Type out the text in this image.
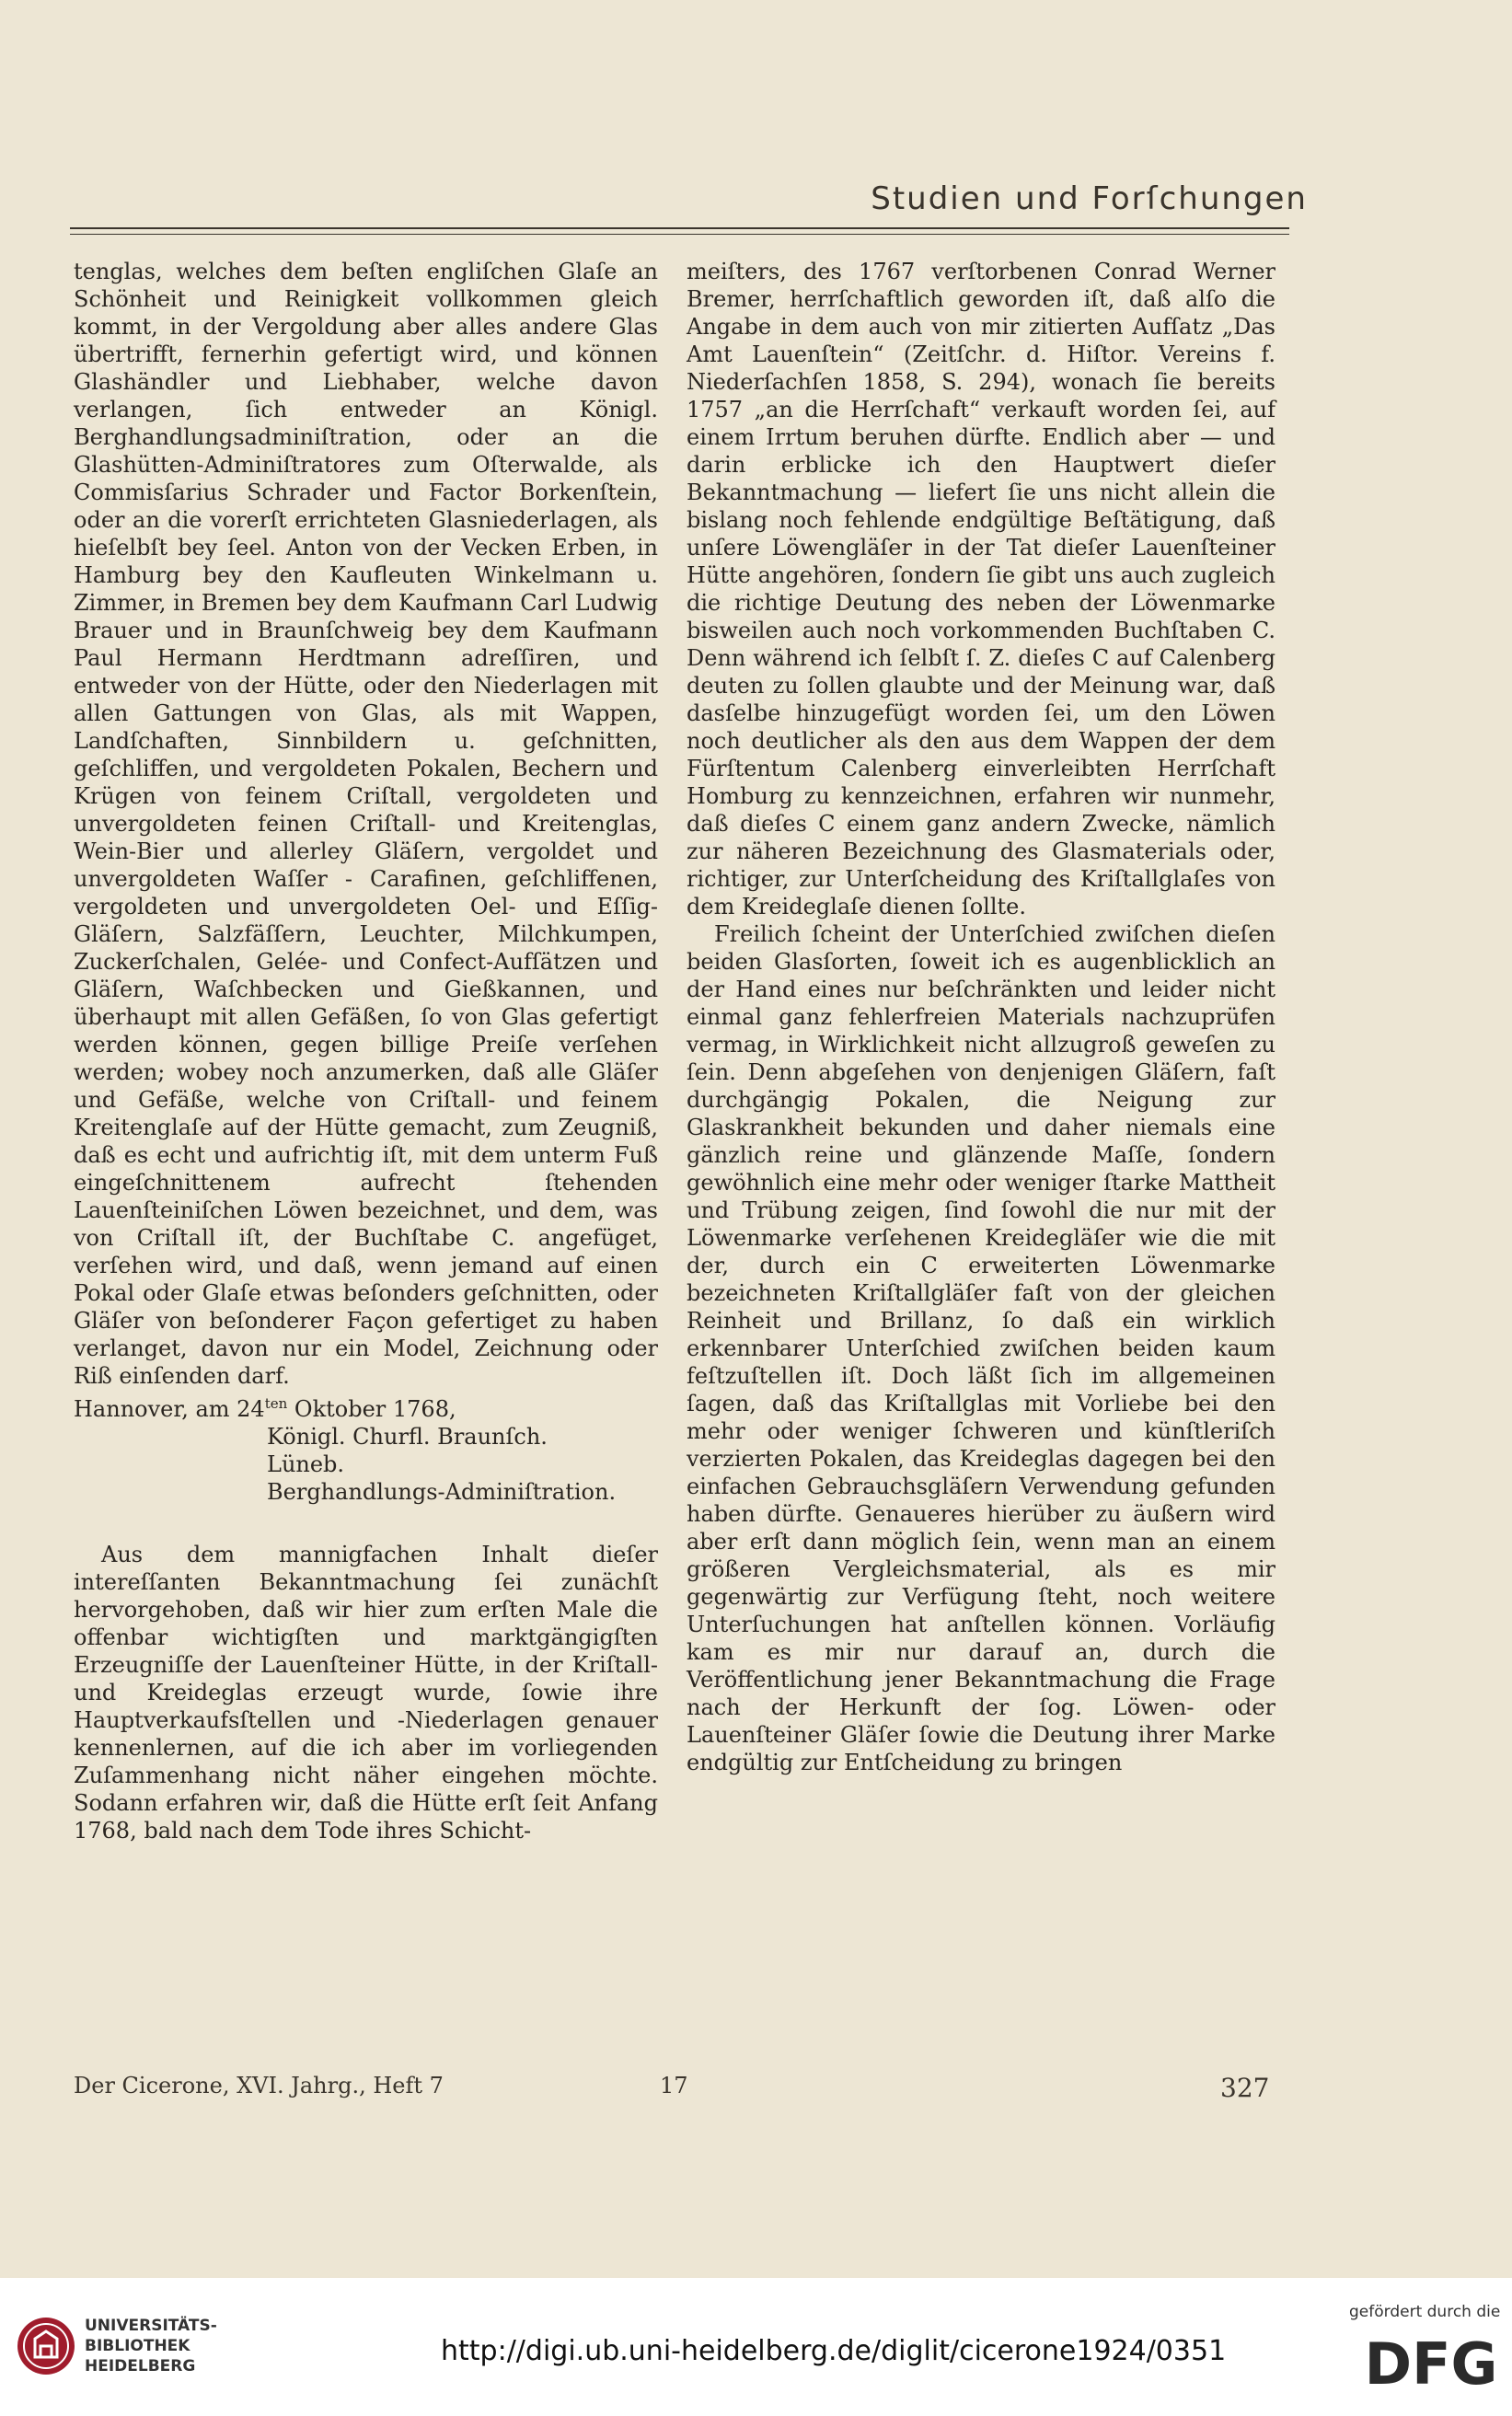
Studien und Forſchungen

tenglas, welches dem beſten engliſchen Glaſe an Schönheit und Reinigkeit vollkommen gleich kommt, in der Vergoldung aber alles andere Glas übertrifft, fernerhin gefertigt wird, und können Glashändler und Liebhaber, welche davon verlangen, ſich entweder an Königl. Berghandlungsadminiſtration, oder an die Glashütten-Adminiſtratores zum Oſterwalde, als Commisſarius Schrader und Factor Borkenſtein, oder an die vorerſt errichteten Glasniederlagen, als hieſelbſt bey ſeel. Anton von der Vecken Erben, in Hamburg bey den Kaufleuten Winkelmann u. Zimmer, in Bremen bey dem Kaufmann Carl Ludwig Brauer und in Braunſchweig bey dem Kaufmann Paul Hermann Herdtmann adreſſiren, und entweder von der Hütte, oder den Niederlagen mit allen Gattungen von Glas, als mit Wappen, Landſchaften, Sinnbildern u. geſchnitten, geſchliffen, und vergoldeten Pokalen, Bechern und Krügen von feinem Criſtall, vergoldeten und unvergoldeten feinen Criſtall- und Kreitenglas, Wein-Bier und allerley Gläſern, vergoldet und unvergoldeten Waſſer - Carafinen, geſchliffenen, vergoldeten und unvergoldeten Oel- und Eſſig-Gläſern, Salzfäſſern, Leuchter, Milchkumpen, Zuckerſchalen, Gelée- und Confect-Aufſätzen und Gläſern, Waſchbecken und Gießkannen, und überhaupt mit allen Gefäßen, ſo von Glas gefertigt werden können, gegen billige Preiſe verſehen werden; wobey noch anzumerken, daß alle Gläſer und Gefäße, welche von Criſtall- und feinem Kreitenglaſe auf der Hütte gemacht, zum Zeugniß, daß es echt und aufrichtig iſt, mit dem unterm Fuß eingeſchnittenem aufrecht ſtehenden Lauenſteiniſchen Löwen bezeichnet, und dem, was von Criſtall iſt, der Buchſtabe C. angefüget, verſehen wird, und daß, wenn jemand auf einen Pokal oder Glaſe etwas beſonders geſchnitten, oder Gläſer von beſonderer Façon gefertiget zu haben verlanget, davon nur ein Model, Zeichnung oder Riß einſenden darf.

Hannover, am $24^{ten}$ Oktober 1768,
Königl. Churfl. Braunſch. Lüneb.
Berghandlungs-Adminiſtration.

Aus dem mannigfachen Inhalt dieſer intereſſanten Bekanntmachung ſei zunächſt hervorgehoben, daß wir hier zum erſten Male die offenbar wichtigſten und marktgängigſten Erzeugniſſe der Lauenſteiner Hütte, in der Kriſtall- und Kreideglas erzeugt wurde, ſowie ihre Hauptverkaufsſtellen und -Niederlagen genauer kennenlernen, auf die ich aber im vorliegenden Zuſammenhang nicht näher eingehen möchte. Sodann erfahren wir, daß die Hütte erſt ſeit Anfang 1768, bald nach dem Tode ihres Schicht-

meiſters, des 1767 verſtorbenen Conrad Werner Bremer, herrſchaftlich geworden iſt, daß alſo die Angabe in dem auch von mir zitierten Aufſatz „Das Amt Lauenſtein“ (Zeitſchr. d. Hiſtor. Vereins f. Niederſachſen 1858, S. 294), wonach ſie bereits 1757 „an die Herrſchaft“ verkauft worden ſei, auf einem Irrtum beruhen dürfte. Endlich aber — und darin erblicke ich den Hauptwert dieſer Bekanntmachung — liefert ſie uns nicht allein die bislang noch fehlende endgültige Beſtätigung, daß unſere Löwengläſer in der Tat dieſer Lauenſteiner Hütte angehören, ſondern ſie gibt uns auch zugleich die richtige Deutung des neben der Löwenmarke bisweilen auch noch vorkommenden Buchſtaben C. Denn während ich ſelbſt ſ. Z. dieſes C auf Calenberg deuten zu ſollen glaubte und der Meinung war, daß dasſelbe hinzugefügt worden ſei, um den Löwen noch deutlicher als den aus dem Wappen der dem Fürſtentum Calenberg einverleibten Herrſchaft Homburg zu kennzeichnen, erfahren wir nunmehr, daß dieſes C einem ganz andern Zwecke, nämlich zur näheren Bezeichnung des Glasmaterials oder, richtiger, zur Unterſcheidung des Kriſtallglaſes von dem Kreideglaſe dienen ſollte.

Freilich ſcheint der Unterſchied zwiſchen dieſen beiden Glasſorten, ſoweit ich es augenblicklich an der Hand eines nur beſchränkten und leider nicht einmal ganz fehlerfreien Materials nachzuprüfen vermag, in Wirklichkeit nicht allzugroß geweſen zu ſein. Denn abgeſehen von denjenigen Gläſern, faſt durchgängig Pokalen, die Neigung zur Glaskrankheit bekunden und daher niemals eine gänzlich reine und glänzende Maſſe, ſondern gewöhnlich eine mehr oder weniger ſtarke Mattheit und Trübung zeigen, ſind ſowohl die nur mit der Löwenmarke verſehenen Kreidegläſer wie die mit der, durch ein C erweiterten Löwenmarke bezeichneten Kriſtallgläſer faſt von der gleichen Reinheit und Brillanz, ſo daß ein wirklich erkennbarer Unterſchied zwiſchen beiden kaum feſtzuſtellen iſt. Doch läßt ſich im allgemeinen ſagen, daß das Kriſtallglas mit Vorliebe bei den mehr oder weniger ſchweren und künſtleriſch verzierten Pokalen, das Kreideglas dagegen bei den einfachen Gebrauchsgläſern Verwendung gefunden haben dürfte. Genaueres hierüber zu äußern wird aber erſt dann möglich ſein, wenn man an einem größeren Vergleichsmaterial, als es mir gegenwärtig zur Verfügung ſteht, noch weitere Unterſuchungen hat anſtellen können. Vorläufig kam es mir nur darauf an, durch die Veröffentlichung jener Bekanntmachung die Frage nach der Herkunft der ſog. Löwen- oder Lauenſteiner Gläſer ſowie die Deutung ihrer Marke endgültig zur Entſcheidung zu bringen

Der Cicerone, XVI. Jahrg., Heft 7	17	327
UNIVERSITÄTS-
BIBLIOTHEK
HEIDELBERG	http://digi.ub.uni-heidelberg.de/diglit/cicerone1924/0351
gefördert durch die
DFG
